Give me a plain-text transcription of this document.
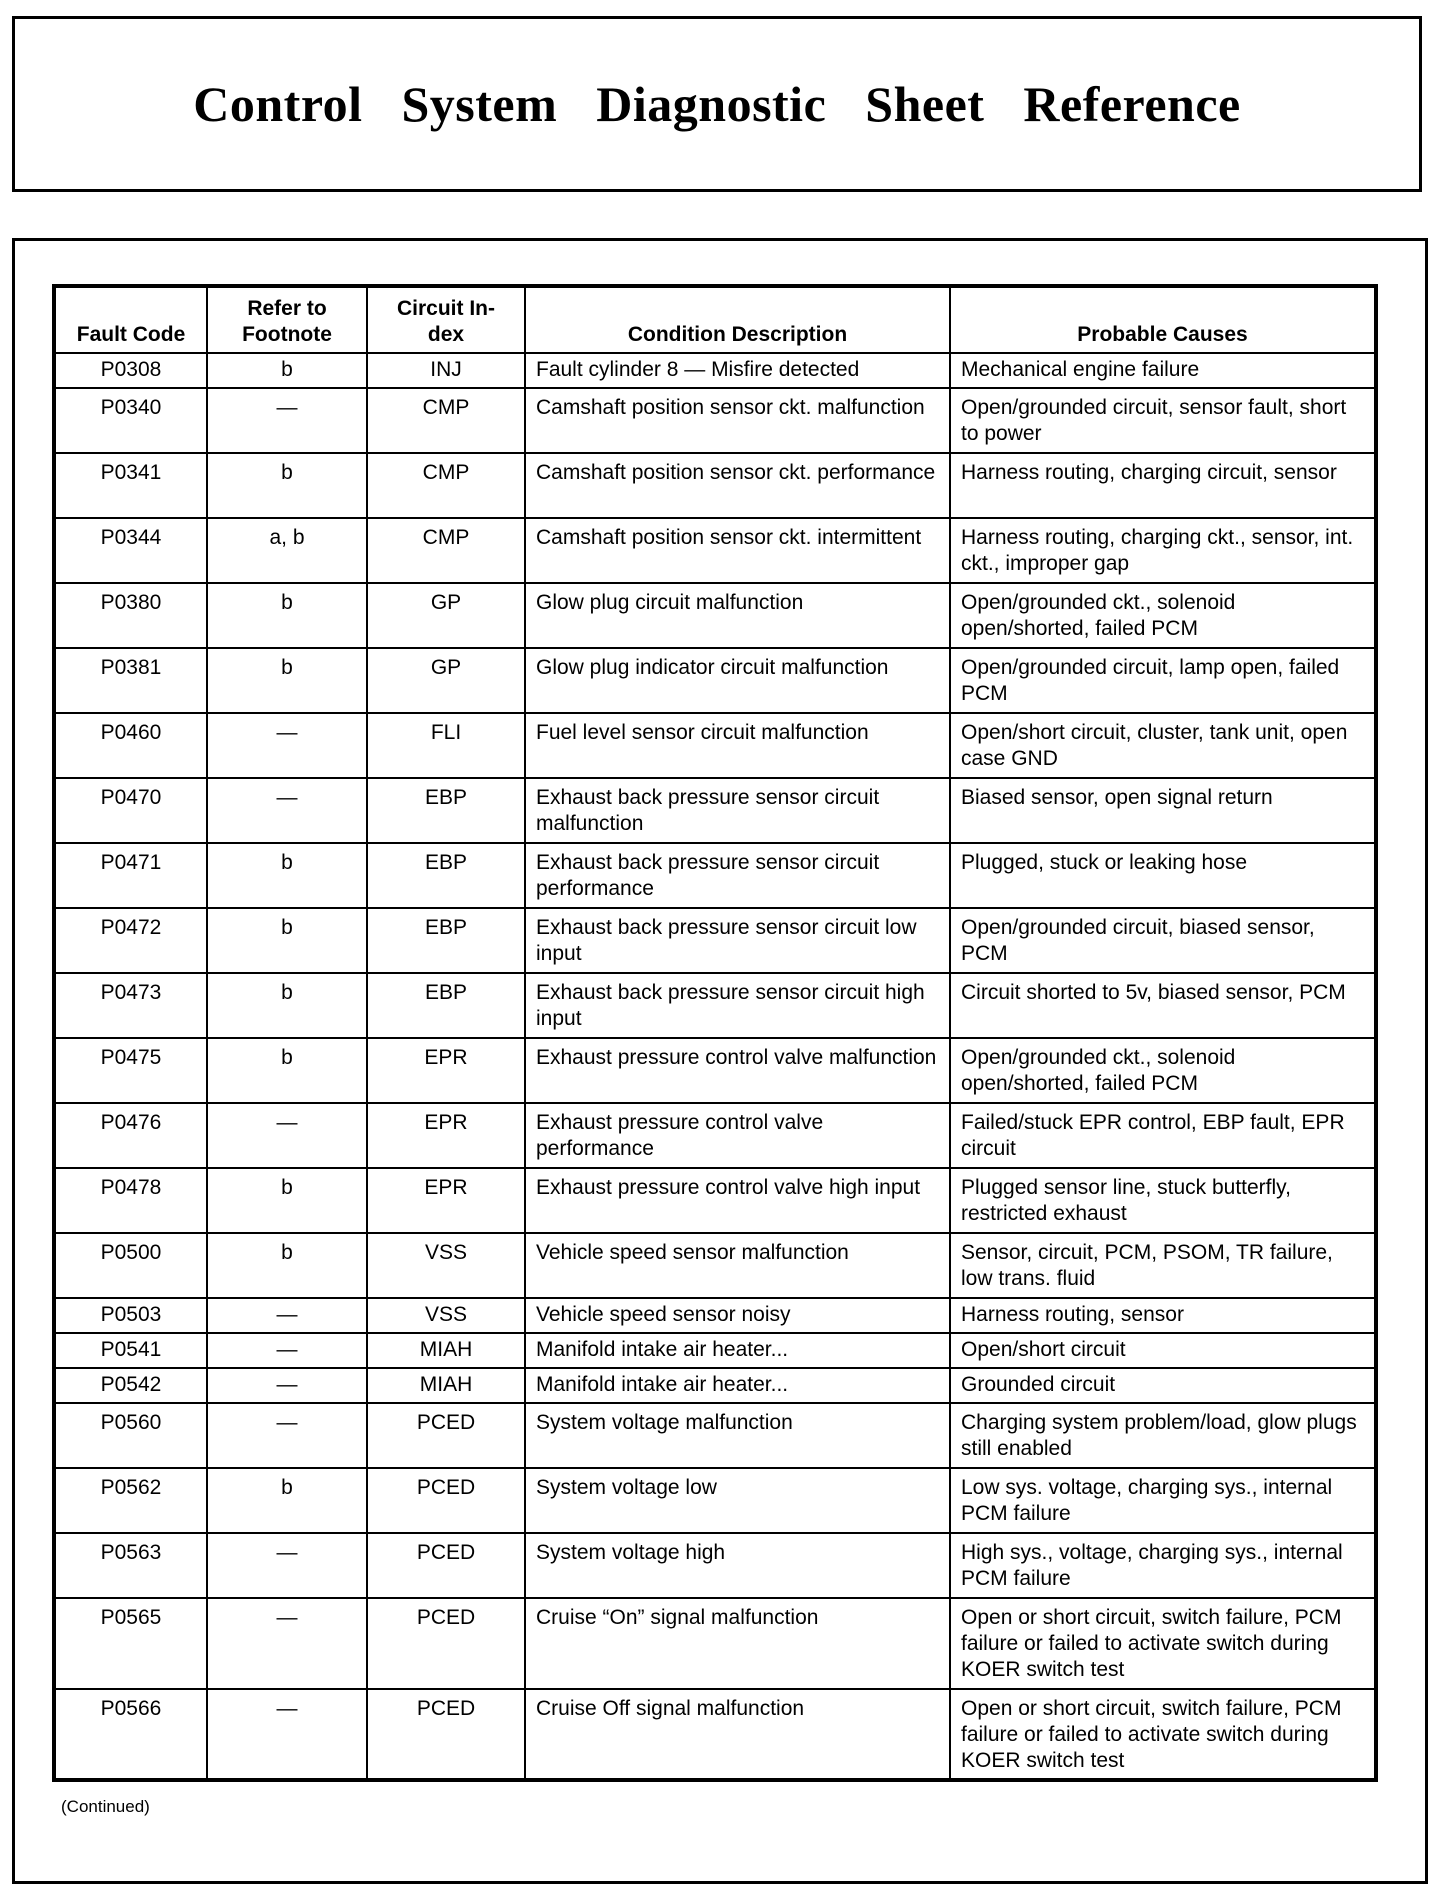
Control System Diagnostic Sheet Reference
Fault Code	Refer to Footnote	Circuit In-dex	Condition Description	Probable Causes
P0308	b	INJ	Fault cylinder 8 — Misfire detected	Mechanical engine failure
P0340	—	CMP	Camshaft position sensor ckt. malfunction	Open/grounded circuit, sensor fault, short to power
P0341	b	CMP	Camshaft position sensor ckt. performance	Harness routing, charging circuit, sensor
P0344	a, b	CMP	Camshaft position sensor ckt. intermittent	Harness routing, charging ckt., sensor, int. ckt., improper gap
P0380	b	GP	Glow plug circuit malfunction	Open/grounded ckt., solenoid open/shorted, failed PCM
P0381	b	GP	Glow plug indicator circuit malfunction	Open/grounded circuit, lamp open, failed PCM
P0460	—	FLI	Fuel level sensor circuit malfunction	Open/short circuit, cluster, tank unit, open case GND
P0470	—	EBP	Exhaust back pressure sensor circuit malfunction	Biased sensor, open signal return
P0471	b	EBP	Exhaust back pressure sensor circuit performance	Plugged, stuck or leaking hose
P0472	b	EBP	Exhaust back pressure sensor circuit low input	Open/grounded circuit, biased sensor, PCM
P0473	b	EBP	Exhaust back pressure sensor circuit high input	Circuit shorted to 5v, biased sensor, PCM
P0475	b	EPR	Exhaust pressure control valve malfunction	Open/grounded ckt., solenoid open/shorted, failed PCM
P0476	—	EPR	Exhaust pressure control valve performance	Failed/stuck EPR control, EBP fault, EPR circuit
P0478	b	EPR	Exhaust pressure control valve high input	Plugged sensor line, stuck butterfly, restricted exhaust
P0500	b	VSS	Vehicle speed sensor malfunction	Sensor, circuit, PCM, PSOM, TR failure, low trans. fluid
P0503	—	VSS	Vehicle speed sensor noisy	Harness routing, sensor
P0541	—	MIAH	Manifold intake air heater...	Open/short circuit
P0542	—	MIAH	Manifold intake air heater...	Grounded circuit
P0560	—	PCED	System voltage malfunction	Charging system problem/load, glow plugs still enabled
P0562	b	PCED	System voltage low	Low sys. voltage, charging sys., internal PCM failure
P0563	—	PCED	System voltage high	High sys., voltage, charging sys., internal PCM failure
P0565	—	PCED	Cruise “On” signal malfunction	Open or short circuit, switch failure, PCM failure or failed to activate switch during KOER switch test
P0566	—	PCED	Cruise Off signal malfunction	Open or short circuit, switch failure, PCM failure or failed to activate switch during KOER switch test
(Continued)
